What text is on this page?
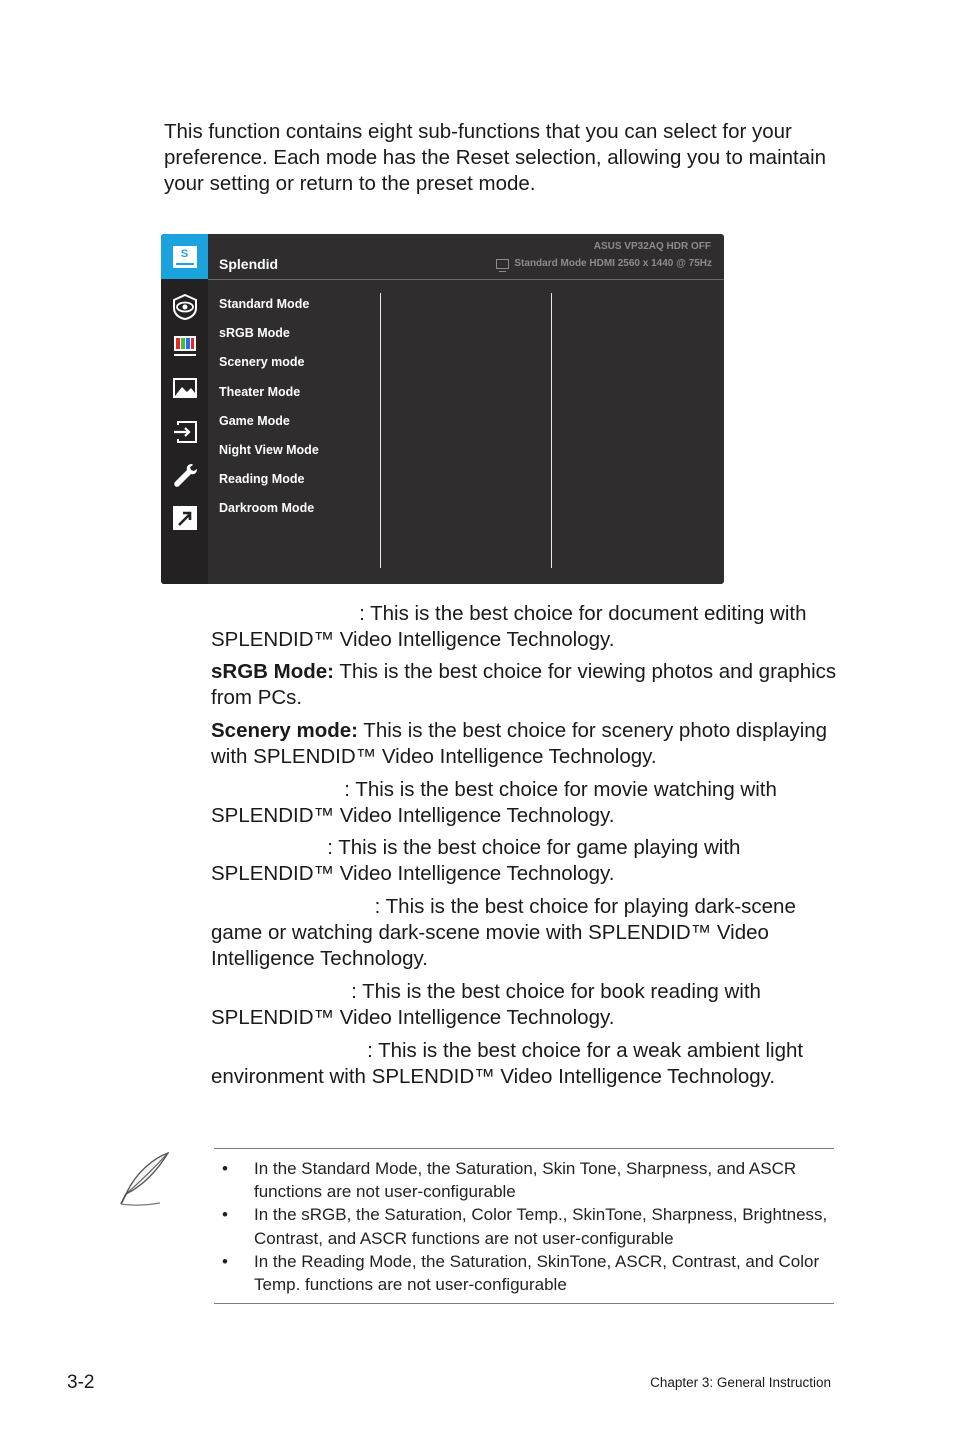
This function contains eight sub-functions that you can select for your preference. Each mode has the Reset selection, allowing you to maintain your setting or return to the preset mode.

S
Splendid
ASUS VP32AQ HDR OFF
Standard Mode HDMI 2560 x 1440 @ 75Hz
Standard Mode
sRGB Mode
Scenery mode
Theater Mode
Game Mode
Night View Mode
Reading Mode
Darkroom Mode

Standard Mode: This is the best choice for document editing with SPLENDID™ Video Intelligence Technology.

sRGB Mode: This is the best choice for viewing photos and graphics from PCs.

Scenery mode: This is the best choice for scenery photo displaying with SPLENDID™ Video Intelligence Technology.

Theater Mode: This is the best choice for movie watching with SPLENDID™ Video Intelligence Technology.

Game Mode: This is the best choice for game playing with SPLENDID™ Video Intelligence Technology.

Night View Mode: This is the best choice for playing dark-scene game or watching dark-scene movie with SPLENDID™ Video Intelligence Technology.

Reading Mode: This is the best choice for book reading with SPLENDID™ Video Intelligence Technology.

Darkroom Mode: This is the best choice for a weak ambient light environment with SPLENDID™ Video Intelligence Technology.

• In the Standard Mode, the Saturation, Skin Tone, Sharpness, and ASCR functions are not user-configurable
• In the sRGB, the Saturation, Color Temp., SkinTone, Sharpness, Brightness, Contrast, and ASCR functions are not user-configurable
• In the Reading Mode, the Saturation, SkinTone, ASCR, Contrast, and Color Temp. functions are not user-configurable
3-2	Chapter 3: General Instruction
